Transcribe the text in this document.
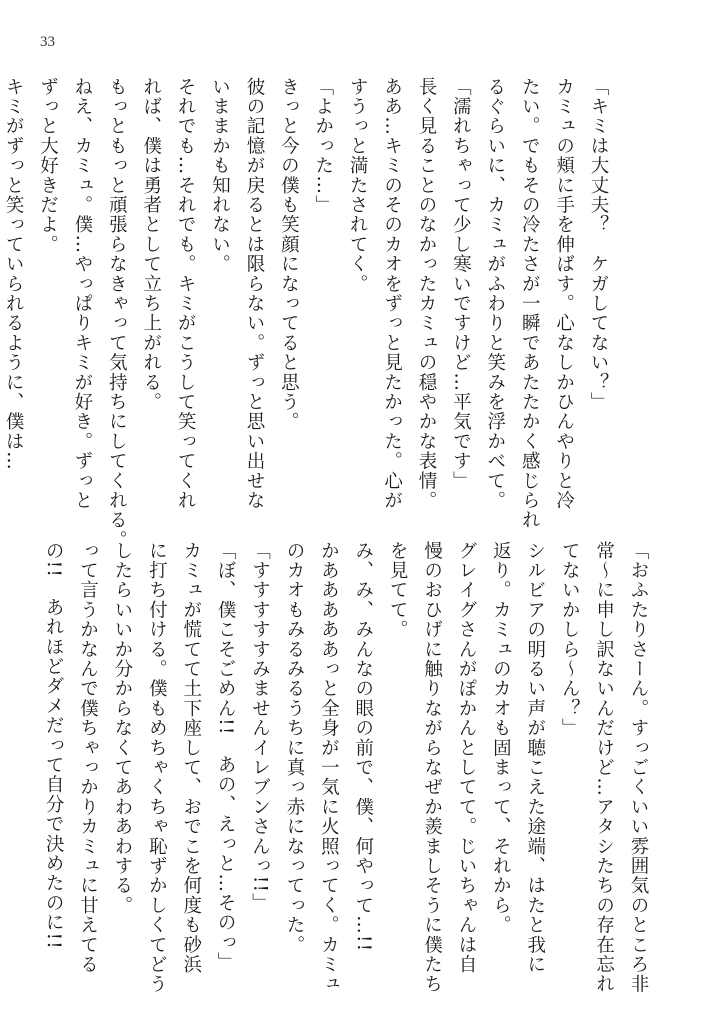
33
「キミは大丈夫？　ケガしてない？」
カミュの頬に手を伸ばす。心なしかひんやりと冷
たい。でもその冷たさが一瞬であたたかく感じられ
るぐらいに、カミュがふわりと笑みを浮かべて。
「濡れちゃって少し寒いですけど…平気です」
長く見ることのなかったカミュの穏やかな表情。
ああ…キミのそのカオをずっと見たかった。心が
すうっと満たされてく。
「よかった…」
きっと今の僕も笑顔になってると思う。
彼の記憶が戻るとは限らない。ずっと思い出せな
いままかも知れない。
それでも…それでも。キミがこうして笑ってくれ
れば、僕は勇者として立ち上がれる。
もっともっと頑張らなきゃって気持ちにしてくれる。
ねえ、カミュ。僕…やっぱりキミが好き。ずっと
ずっと大好きだよ。
キミがずっと笑っていられるように、僕は…
「おふたりさーん。すっごくいい雰囲気のところ非
常〜に申し訳ないんだけど…アタシたちの存在忘れ
てないかしら〜ん？」
シルビアの明るい声が聴こえた途端、はたと我に
返り。カミュのカオも固まって、それから。
グレイグさんがぽかんとしてて。じいちゃんは自
慢のおひげに触りながらなぜか羨ましそうに僕たち
を見てて。
み、み、みんなの眼の前で、僕、何やって…!!
かあああああっと全身が一気に火照ってく。カミュ
のカオもみるみるうちに真っ赤になってった。
「すすすすすみませんイレブンさんっ!!」
「ぼ、僕こそごめん!!　あの、えっと…そのっ」
カミュが慌てて土下座して、おでこを何度も砂浜
に打ち付ける。僕もめちゃくちゃ恥ずかしくてどう
したらいいか分からなくてあわあわする。
って言うかなんで僕ちゃっかりカミュに甘えてる
の!!　あれほどダメだって自分で決めたのに!!
